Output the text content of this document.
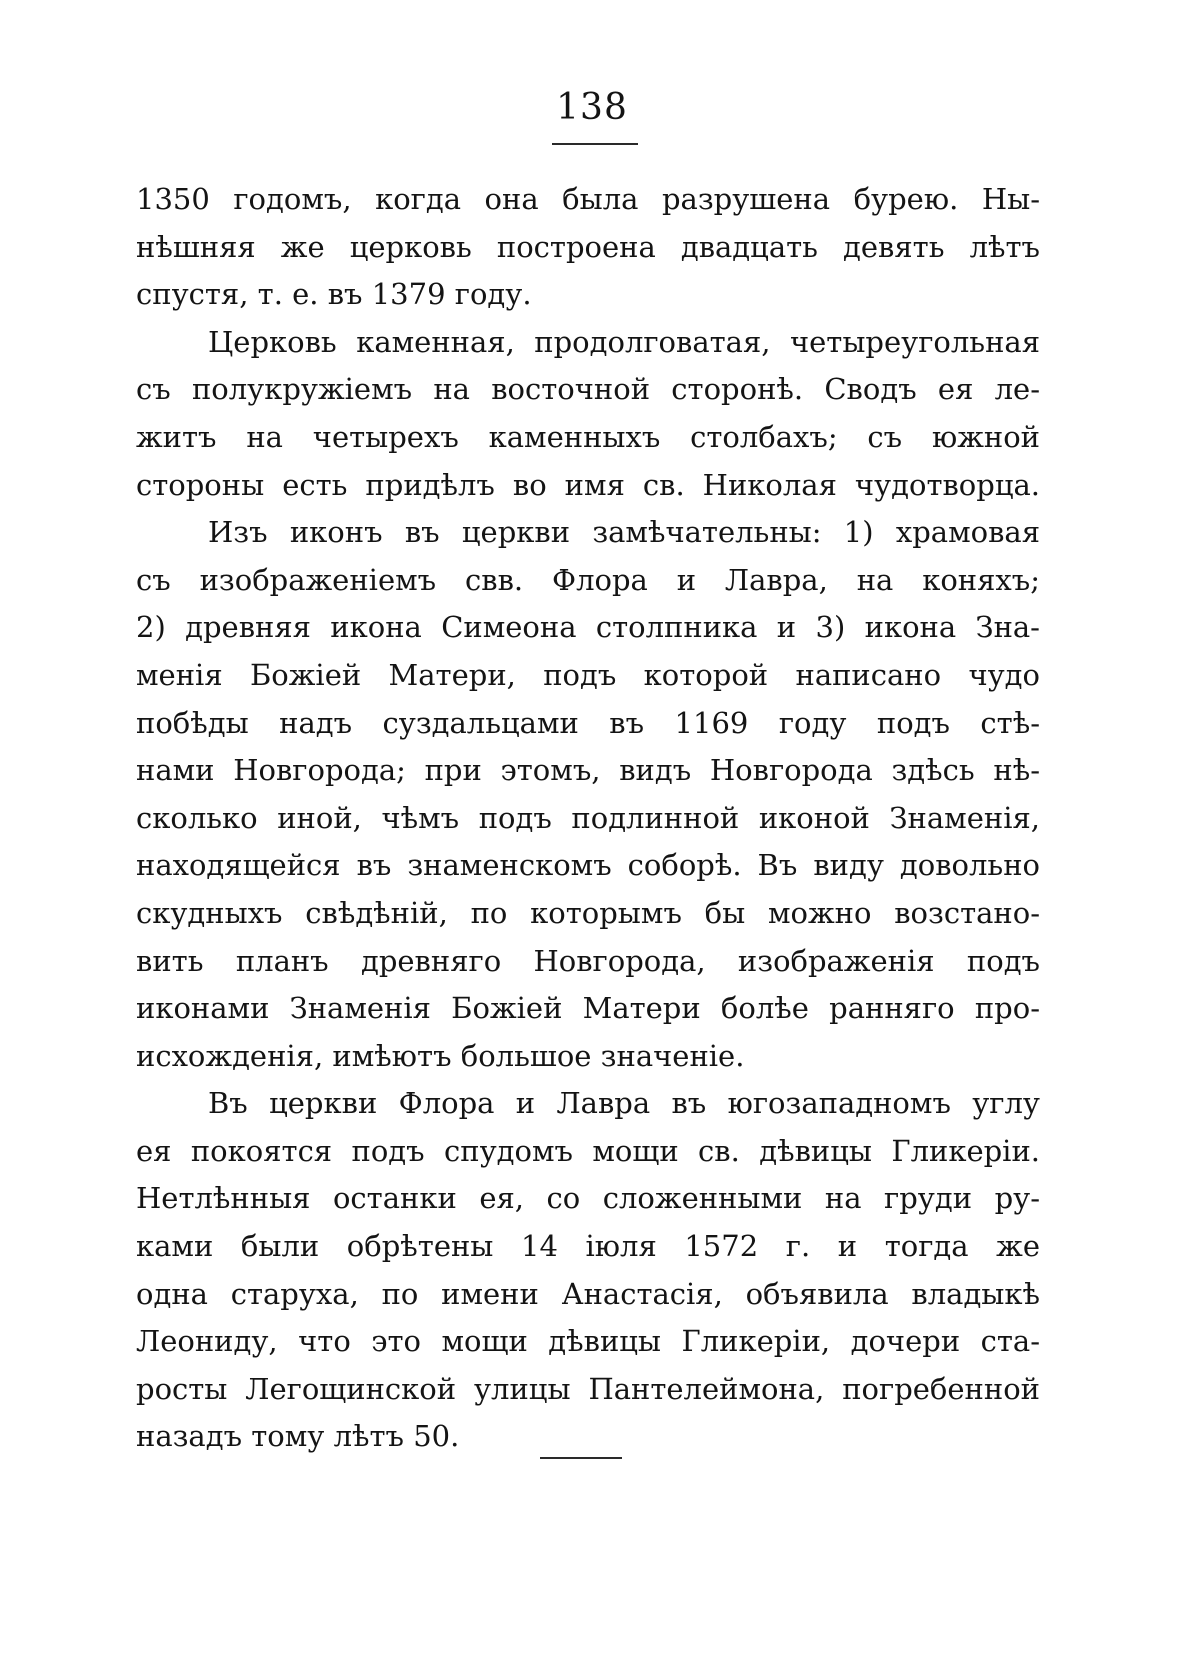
138
1350 годомъ, когда она была разрушена бурею. Ны-
нѣшняя же церковь построена двадцать девять лѣтъ
спустя, т. е. въ 1379 году.
Церковь каменная, продолговатая, четыреугольная
съ полукружіемъ на восточной сторонѣ. Сводъ ея ле-
житъ на четырехъ каменныхъ столбахъ; съ южной
стороны есть придѣлъ во имя св. Николая чудотворца.
Изъ иконъ въ церкви замѣчательны: 1) храмовая
съ изображеніемъ свв. Флора и Лавра, на коняхъ;
2) древняя икона Симеона столпника и 3) икона Зна-
менія Божіей Матери, подъ которой написано чудо
побѣды надъ суздальцами въ 1169 году подъ стѣ-
нами Новгорода; при этомъ, видъ Новгорода здѣсь нѣ-
сколько иной, чѣмъ подъ подлинной иконой Знаменія,
находящейся въ знаменскомъ соборѣ. Въ виду довольно
скудныхъ свѣдѣній, по которымъ бы можно возстано-
вить планъ древняго Новгорода, изображенія подъ
иконами Знаменія Божіей Матери болѣе ранняго про-
исхожденія, имѣютъ большое значеніе.
Въ церкви Флора и Лавра въ югозападномъ углу
ея покоятся подъ спудомъ мощи св. дѣвицы Гликеріи.
Нетлѣнныя останки ея, со сложенными на груди ру-
ками были обрѣтены 14 іюля 1572 г. и тогда же
одна старуха, по имени Анастасія, объявила владыкѣ
Леониду, что это мощи дѣвицы Гликеріи, дочери ста-
росты Легощинской улицы Пантелеймона, погребенной
назадъ тому лѣтъ 50.
